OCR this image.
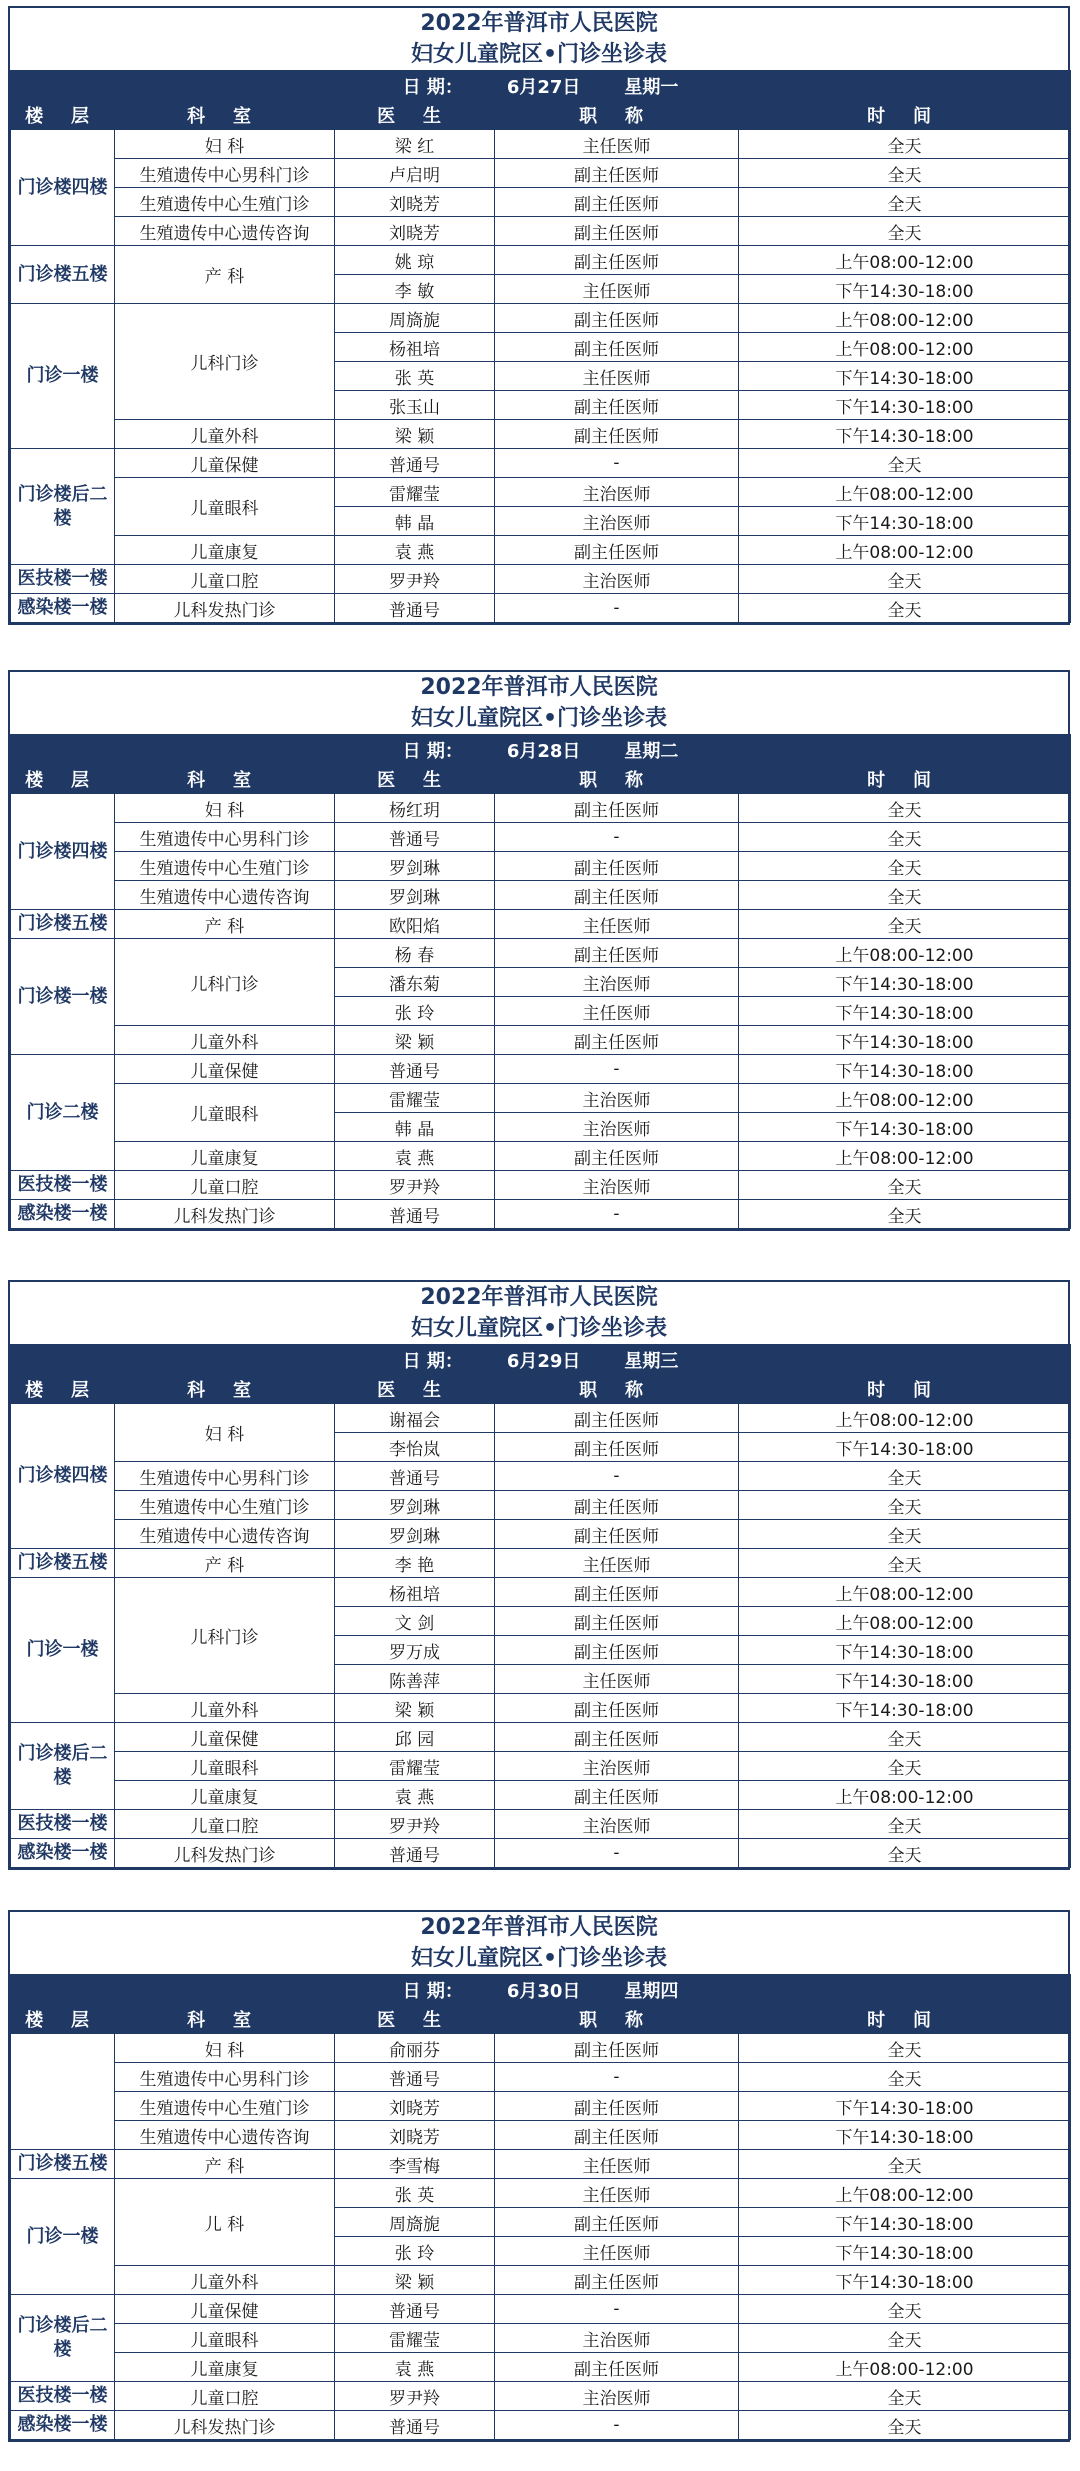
2022年普洱市人民医院
妇女儿童院区•门诊坐诊表
日 期： 6月27日 星期一				
楼 层	科 室	医 生	职 称	时 间
门诊楼四楼	妇 科	梁 红	主任医师	全天
	生殖遗传中心男科门诊	卢启明	副主任医师	全天
	生殖遗传中心生殖门诊	刘晓芳	副主任医师	全天
	生殖遗传中心遗传咨询	刘晓芳	副主任医师	全天
门诊楼五楼	产 科	姚 琼	副主任医师	上午08:00-12:00
		李 敏	主任医师	下午14:30-18:00
门诊一楼	儿科门诊	周旖旎	副主任医师	上午08:00-12:00
		杨祖培	副主任医师	上午08:00-12:00
		张 英	主任医师	下午14:30-18:00
		张玉山	副主任医师	下午14:30-18:00
	儿童外科	梁 颖	副主任医师	下午14:30-18:00
门诊楼后二楼	儿童保健	普通号	-	全天
	儿童眼科	雷耀莹	主治医师	上午08:00-12:00
		韩 晶	主治医师	下午14:30-18:00
	儿童康复	袁 燕	副主任医师	上午08:00-12:00
医技楼一楼	儿童口腔	罗尹羚	主治医师	全天
感染楼一楼	儿科发热门诊	普通号	-	全天
2022年普洱市人民医院
妇女儿童院区•门诊坐诊表
日 期： 6月28日 星期二				
楼 层	科 室	医 生	职 称	时 间
门诊楼四楼	妇 科	杨红玥	副主任医师	全天
	生殖遗传中心男科门诊	普通号	-	全天
	生殖遗传中心生殖门诊	罗剑琳	副主任医师	全天
	生殖遗传中心遗传咨询	罗剑琳	副主任医师	全天
门诊楼五楼	产 科	欧阳焰	主任医师	全天
门诊楼一楼	儿科门诊	杨 春	副主任医师	上午08:00-12:00
		潘东菊	主治医师	下午14:30-18:00
		张 玲	主任医师	下午14:30-18:00
	儿童外科	梁 颖	副主任医师	下午14:30-18:00
门诊二楼	儿童保健	普通号	-	下午14:30-18:00
	儿童眼科	雷耀莹	主治医师	上午08:00-12:00
		韩 晶	主治医师	下午14:30-18:00
	儿童康复	袁 燕	副主任医师	上午08:00-12:00
医技楼一楼	儿童口腔	罗尹羚	主治医师	全天
感染楼一楼	儿科发热门诊	普通号	-	全天
2022年普洱市人民医院
妇女儿童院区•门诊坐诊表
日 期： 6月29日 星期三				
楼 层	科 室	医 生	职 称	时 间
门诊楼四楼	妇 科	谢福会	副主任医师	上午08:00-12:00
		李怡岚	副主任医师	下午14:30-18:00
	生殖遗传中心男科门诊	普通号	-	全天
	生殖遗传中心生殖门诊	罗剑琳	副主任医师	全天
	生殖遗传中心遗传咨询	罗剑琳	副主任医师	全天
门诊楼五楼	产 科	李 艳	主任医师	全天
门诊一楼	儿科门诊	杨祖培	副主任医师	上午08:00-12:00
		文 剑	副主任医师	上午08:00-12:00
		罗万成	副主任医师	下午14:30-18:00
		陈善萍	主任医师	下午14:30-18:00
	儿童外科	梁 颖	副主任医师	下午14:30-18:00
门诊楼后二楼	儿童保健	邱 园	副主任医师	全天
	儿童眼科	雷耀莹	主治医师	全天
	儿童康复	袁 燕	副主任医师	上午08:00-12:00
医技楼一楼	儿童口腔	罗尹羚	主治医师	全天
感染楼一楼	儿科发热门诊	普通号	-	全天
2022年普洱市人民医院
妇女儿童院区•门诊坐诊表
日 期： 6月30日 星期四				
楼 层	科 室	医 生	职 称	时 间
	妇 科	俞丽芬	副主任医师	全天
	生殖遗传中心男科门诊	普通号	-	全天
	生殖遗传中心生殖门诊	刘晓芳	副主任医师	下午14:30-18:00
	生殖遗传中心遗传咨询	刘晓芳	副主任医师	下午14:30-18:00
门诊楼五楼	产 科	李雪梅	主任医师	全天
门诊一楼	儿 科	张 英	主任医师	上午08:00-12:00
		周旖旎	副主任医师	下午14:30-18:00
		张 玲	主任医师	下午14:30-18:00
	儿童外科	梁 颖	副主任医师	下午14:30-18:00
门诊楼后二楼	儿童保健	普通号	-	全天
	儿童眼科	雷耀莹	主治医师	全天
	儿童康复	袁 燕	副主任医师	上午08:00-12:00
医技楼一楼	儿童口腔	罗尹羚	主治医师	全天
感染楼一楼	儿科发热门诊	普通号	-	全天
